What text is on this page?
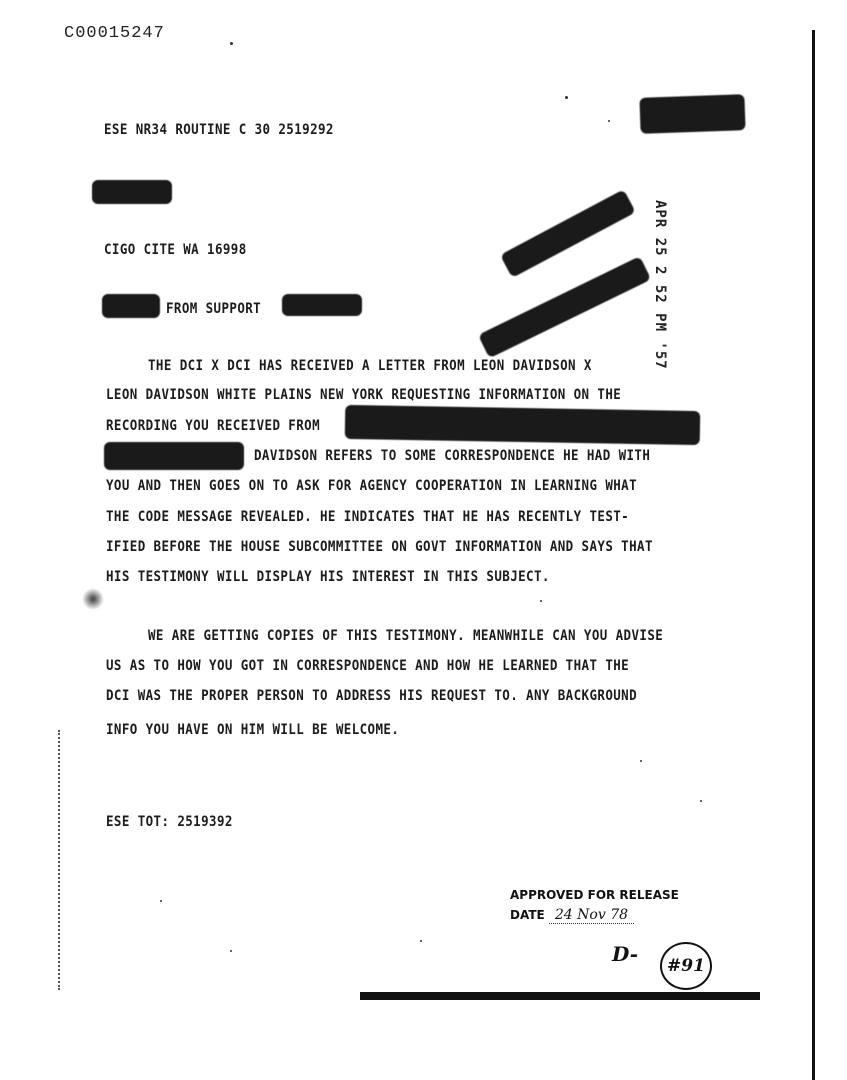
C00015247
ESE NR34 ROUTINE C 30 2519292
CIGO CITE WA 16998	APR 25 2 52 PM '57
FROM SUPPORT
THE DCI X DCI HAS RECEIVED A LETTER FROM LEON DAVIDSON X
LEON DAVIDSON WHITE PLAINS NEW YORK REQUESTING INFORMATION ON THE
RECORDING YOU RECEIVED FROM
DAVIDSON REFERS TO SOME CORRESPONDENCE HE HAD WITH
YOU AND THEN GOES ON TO ASK FOR AGENCY COOPERATION IN LEARNING WHAT
THE CODE MESSAGE REVEALED. HE INDICATES THAT HE HAS RECENTLY TEST-
IFIED BEFORE THE HOUSE SUBCOMMITTEE ON GOVT INFORMATION AND SAYS THAT
HIS TESTIMONY WILL DISPLAY HIS INTEREST IN THIS SUBJECT.
WE ARE GETTING COPIES OF THIS TESTIMONY. MEANWHILE CAN YOU ADVISE
US AS TO HOW YOU GOT IN CORRESPONDENCE AND HOW HE LEARNED THAT THE
DCI WAS THE PROPER PERSON TO ADDRESS HIS REQUEST TO. ANY BACKGROUND
INFO YOU HAVE ON HIM WILL BE WELCOME.
ESE TOT: 2519392
APPROVED FOR RELEASE
DATE 24 Nov 78
D- #91
